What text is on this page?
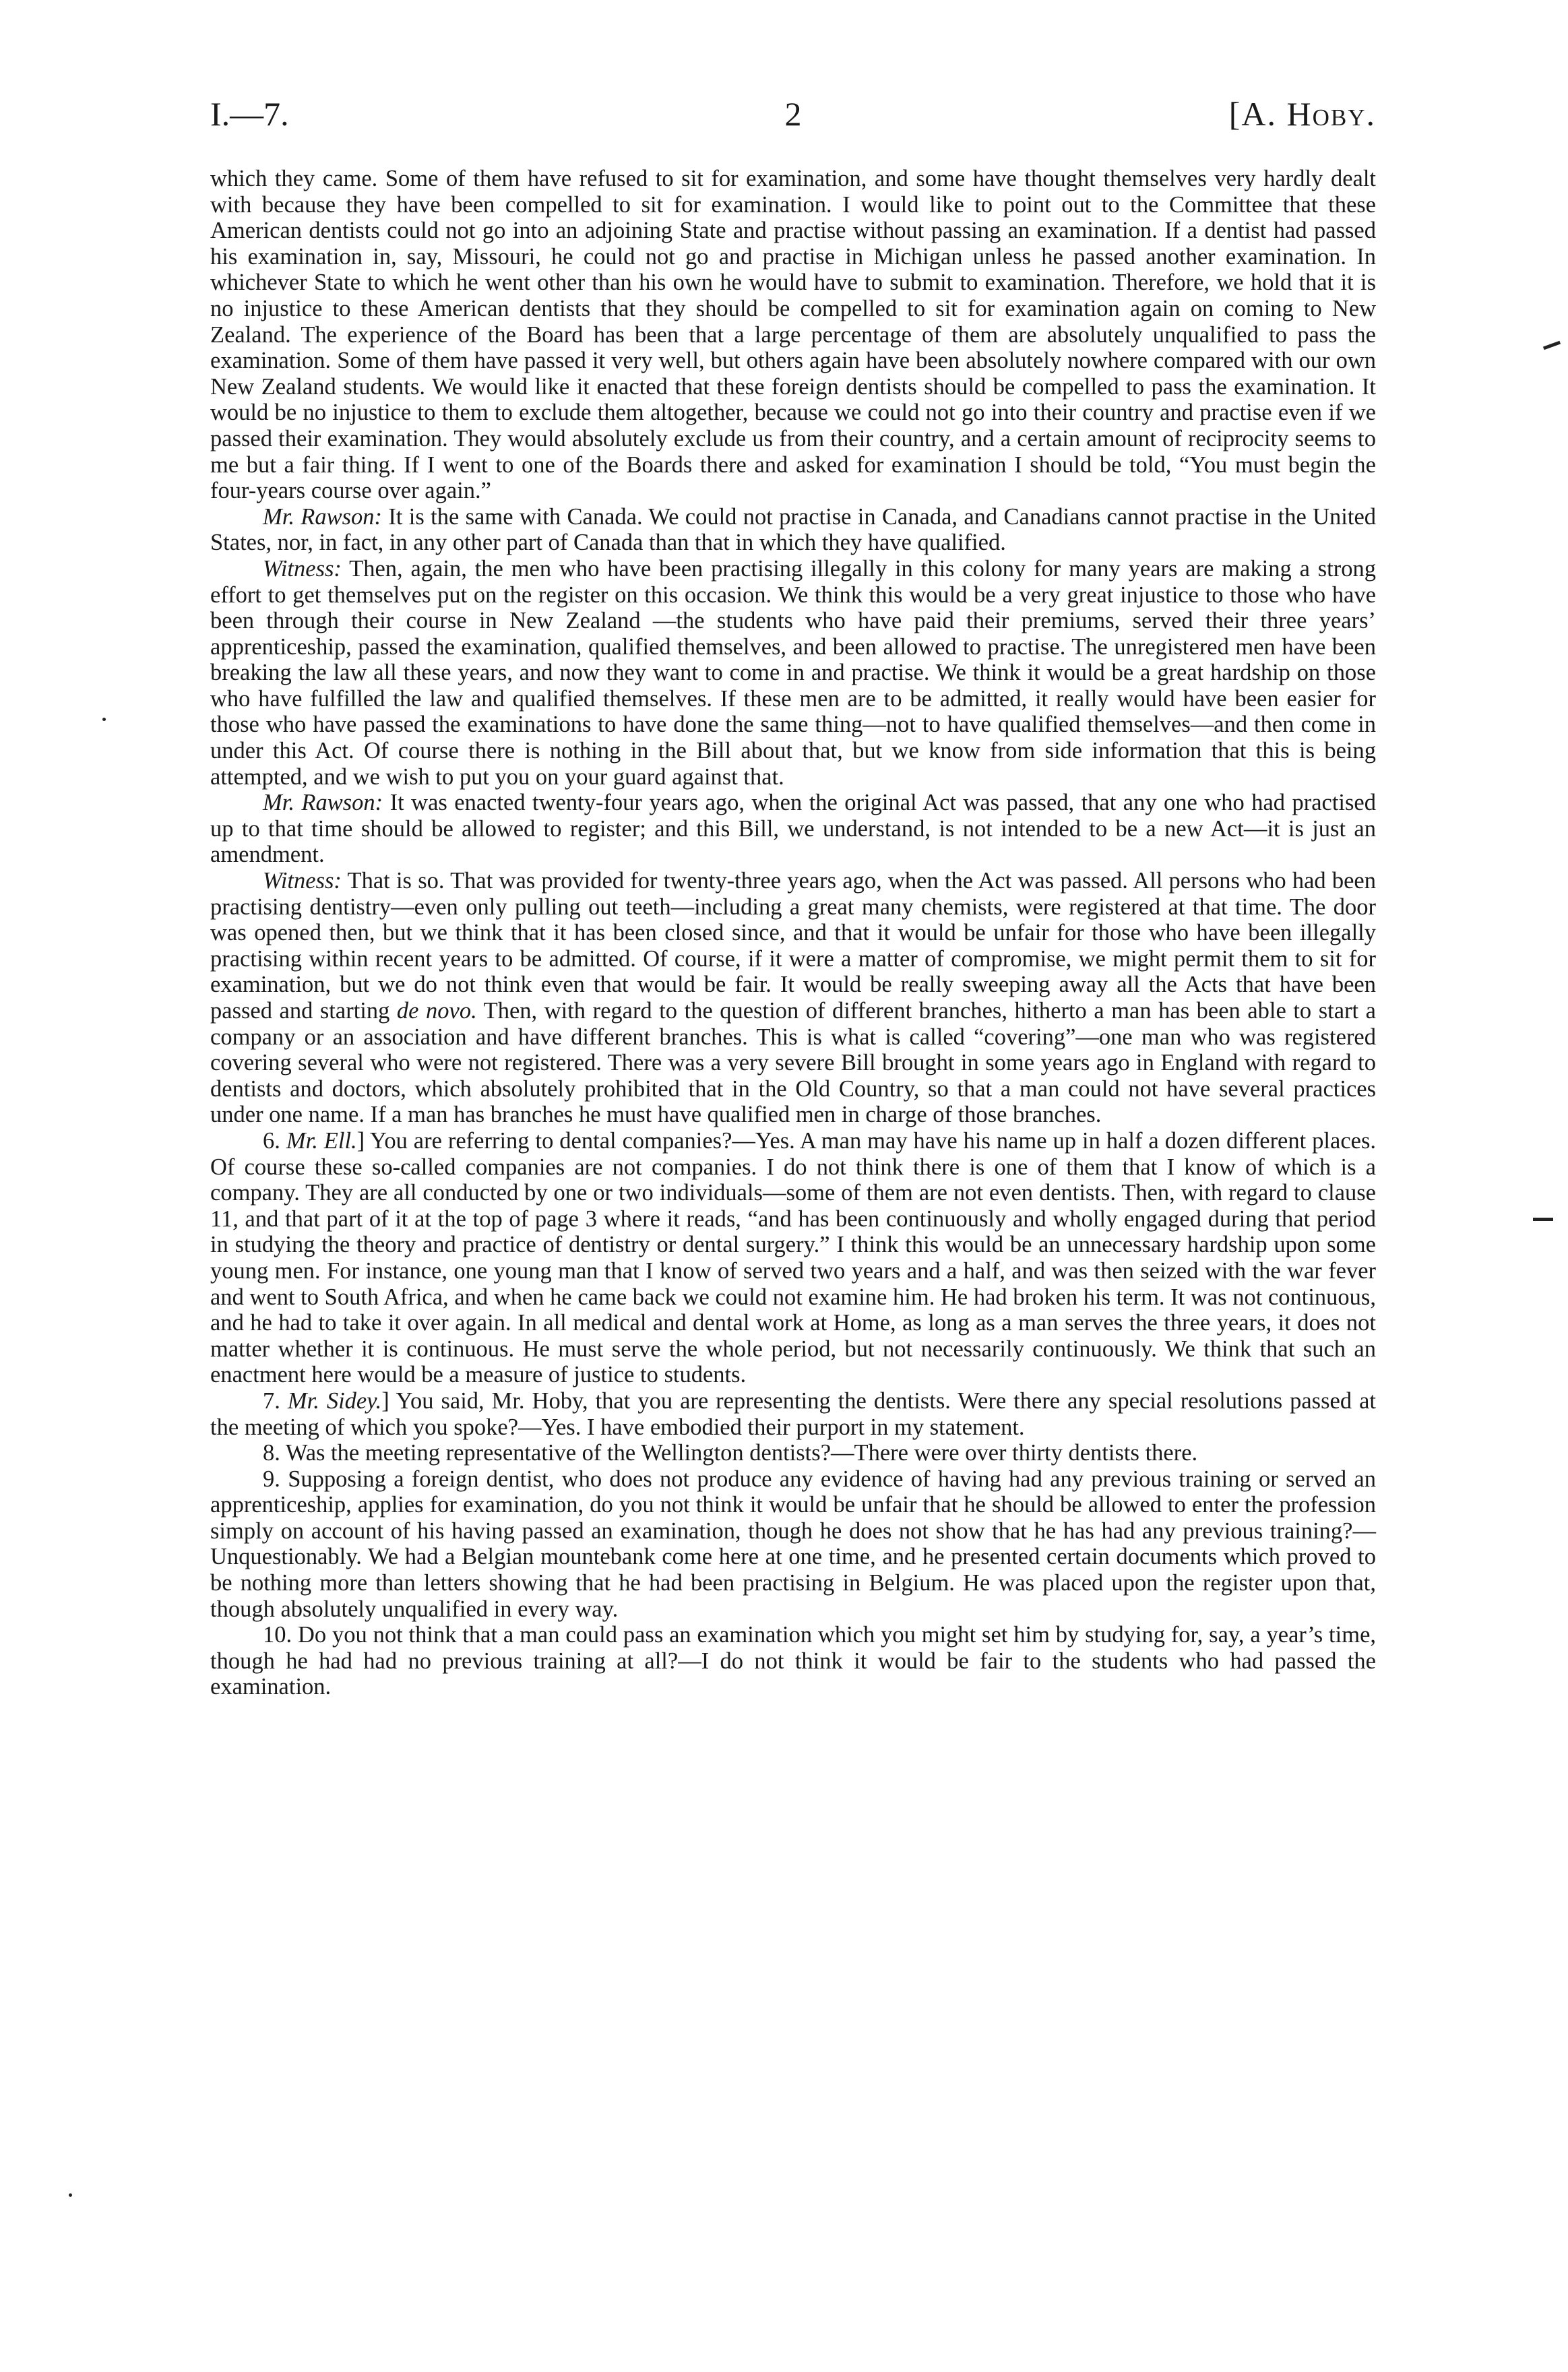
I.—7.	2	[A. Hoby.

which they came. Some of them have refused to sit for examination, and some have thought themselves very hardly dealt with because they have been compelled to sit for examination. I would like to point out to the Committee that these American dentists could not go into an adjoining State and practise without passing an examination. If a dentist had passed his examination in, say, Missouri, he could not go and practise in Michigan unless he passed another examination. In whichever State to which he went other than his own he would have to submit to examination. Therefore, we hold that it is no injustice to these American dentists that they should be compelled to sit for examination again on coming to New Zealand. The experience of the Board has been that a large percentage of them are absolutely unqualified to pass the examination. Some of them have passed it very well, but others again have been absolutely nowhere compared with our own New Zealand students. We would like it enacted that these foreign dentists should be compelled to pass the examination. It would be no injustice to them to exclude them altogether, because we could not go into their country and practise even if we passed their examination. They would absolutely exclude us from their country, and a certain amount of reciprocity seems to me but a fair thing. If I went to one of the Boards there and asked for examination I should be told, “You must begin the four-years course over again.”

Mr. Rawson: It is the same with Canada. We could not practise in Canada, and Canadians cannot practise in the United States, nor, in fact, in any other part of Canada than that in which they have qualified.

Witness: Then, again, the men who have been practising illegally in this colony for many years are making a strong effort to get themselves put on the register on this occasion. We think this would be a very great injustice to those who have been through their course in New Zealand —the students who have paid their premiums, served their three years’ apprenticeship, passed the examination, qualified themselves, and been allowed to practise. The unregistered men have been breaking the law all these years, and now they want to come in and practise. We think it would be a great hardship on those who have fulfilled the law and qualified themselves. If these men are to be admitted, it really would have been easier for those who have passed the examinations to have done the same thing—not to have qualified themselves—and then come in under this Act. Of course there is nothing in the Bill about that, but we know from side information that this is being attempted, and we wish to put you on your guard against that.

Mr. Rawson: It was enacted twenty-four years ago, when the original Act was passed, that any one who had practised up to that time should be allowed to register; and this Bill, we understand, is not intended to be a new Act—it is just an amendment.

Witness: That is so. That was provided for twenty-three years ago, when the Act was passed. All persons who had been practising dentistry—even only pulling out teeth—including a great many chemists, were registered at that time. The door was opened then, but we think that it has been closed since, and that it would be unfair for those who have been illegally practising within recent years to be admitted. Of course, if it were a matter of compromise, we might permit them to sit for examination, but we do not think even that would be fair. It would be really sweeping away all the Acts that have been passed and starting de novo. Then, with regard to the question of different branches, hitherto a man has been able to start a company or an association and have different branches. This is what is called “covering”—one man who was registered covering several who were not registered. There was a very severe Bill brought in some years ago in England with regard to dentists and doctors, which absolutely prohibited that in the Old Country, so that a man could not have several practices under one name. If a man has branches he must have qualified men in charge of those branches.

6. Mr. Ell.] You are referring to dental companies?—Yes. A man may have his name up in half a dozen different places. Of course these so-called companies are not companies. I do not think there is one of them that I know of which is a company. They are all conducted by one or two individuals—some of them are not even dentists. Then, with regard to clause 11, and that part of it at the top of page 3 where it reads, “and has been continuously and wholly engaged during that period in studying the theory and practice of dentistry or dental surgery.” I think this would be an unnecessary hardship upon some young men. For instance, one young man that I know of served two years and a half, and was then seized with the war fever and went to South Africa, and when he came back we could not examine him. He had broken his term. It was not continuous, and he had to take it over again. In all medical and dental work at Home, as long as a man serves the three years, it does not matter whether it is continuous. He must serve the whole period, but not necessarily continuously. We think that such an enactment here would be a measure of justice to students.

7. Mr. Sidey.] You said, Mr. Hoby, that you are representing the dentists. Were there any special resolutions passed at the meeting of which you spoke?—Yes. I have embodied their purport in my statement.

8. Was the meeting representative of the Wellington dentists?—There were over thirty dentists there.

9. Supposing a foreign dentist, who does not produce any evidence of having had any previous training or served an apprenticeship, applies for examination, do you not think it would be unfair that he should be allowed to enter the profession simply on account of his having passed an examination, though he does not show that he has had any previous training?—Unquestionably. We had a Belgian mountebank come here at one time, and he presented certain documents which proved to be nothing more than letters showing that he had been practising in Belgium. He was placed upon the register upon that, though absolutely unqualified in every way.

10. Do you not think that a man could pass an examination which you might set him by studying for, say, a year’s time, though he had had no previous training at all?—I do not think it would be fair to the students who had passed the examination.
